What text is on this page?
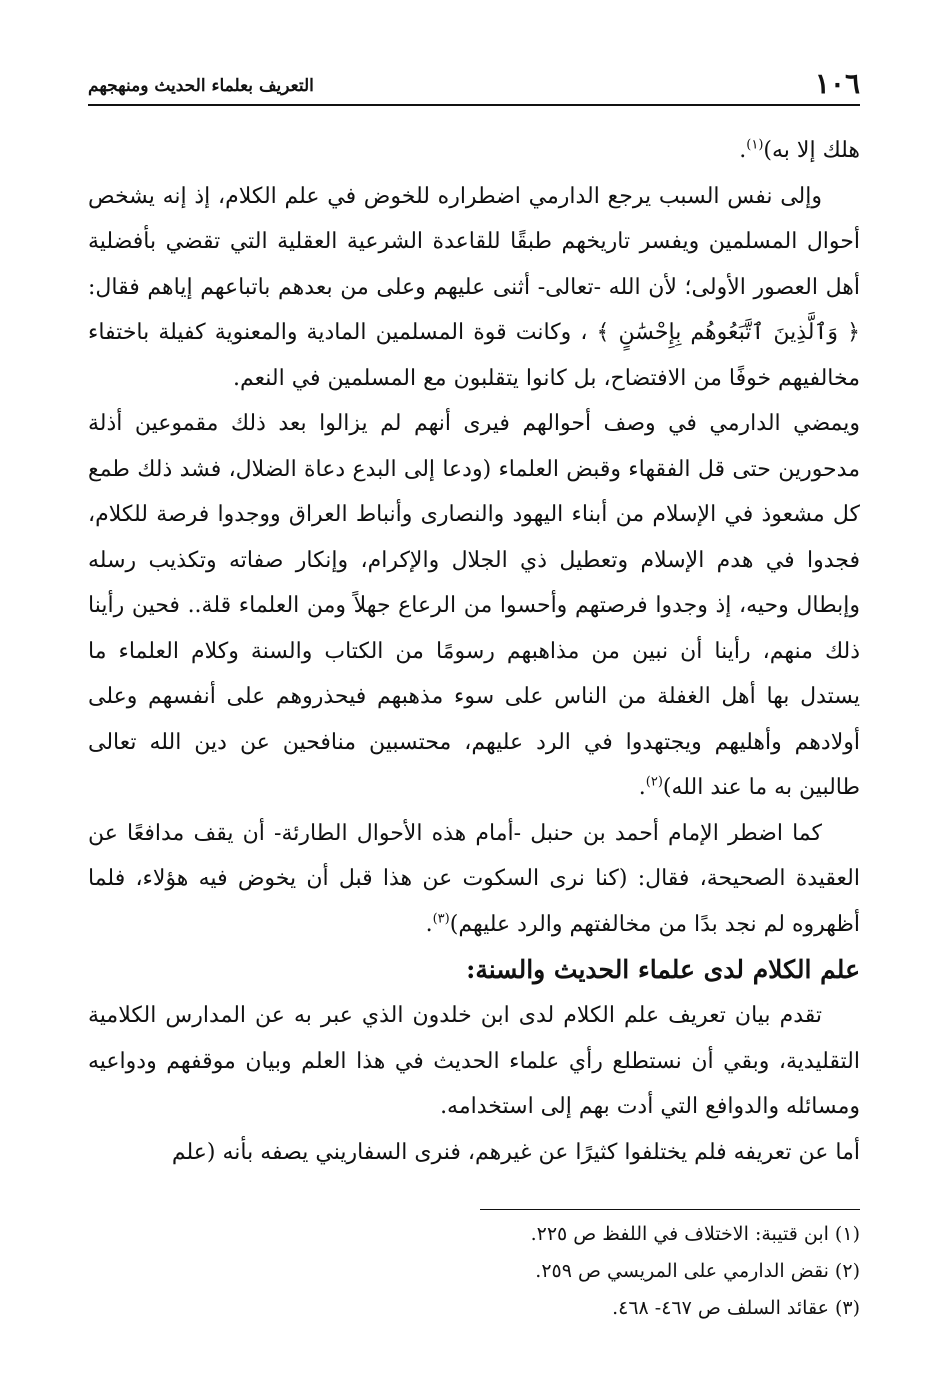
١٠٦
التعريف بعلماء الحديث ومنهجهم

هلك إلا به)$^{(١)}$.

وإلى نفس السبب يرجع الدارمي اضطراره للخوض في علم الكلام، إذ إنه يشخص أحوال المسلمين ويفسر تاريخهم طبقًا للقاعدة الشرعية العقلية التي تقضي بأفضلية أهل العصور الأولى؛ لأن الله -تعالى- أثنى عليهم وعلى من بعدهم باتباعهم إياهم فقال: ﴿ وَٱلَّذِينَ ٱتَّبَعُوهُم بِإِحْسَٰنٍ ﴾ ، وكانت قوة المسلمين المادية والمعنوية كفيلة باختفاء مخالفيهم خوفًا من الافتضاح، بل كانوا يتقلبون مع المسلمين في النعم.

ويمضي الدارمي في وصف أحوالهم فيرى أنهم لم يزالوا بعد ذلك مقموعين أذلة مدحورين حتى قل الفقهاء وقبض العلماء (ودعا إلى البدع دعاة الضلال، فشد ذلك طمع كل مشعوذ في الإسلام من أبناء اليهود والنصارى وأنباط العراق ووجدوا فرصة للكلام، فجدوا في هدم الإسلام وتعطيل ذي الجلال والإكرام، وإنكار صفاته وتكذيب رسله وإبطال وحيه، إذ وجدوا فرصتهم وأحسوا من الرعاع جهلاً ومن العلماء قلة.. فحين رأينا ذلك منهم، رأينا أن نبين من مذاهبهم رسومًا من الكتاب والسنة وكلام العلماء ما يستدل بها أهل الغفلة من الناس على سوء مذهبهم فيحذروهم على أنفسهم وعلى أولادهم وأهليهم ويجتهدوا في الرد عليهم، محتسبين منافحين عن دين الله تعالى طالبين به ما عند الله)$^{(٢)}$.

كما اضطر الإمام أحمد بن حنبل -أمام هذه الأحوال الطارئة- أن يقف مدافعًا عن العقيدة الصحيحة، فقال: (كنا نرى السكوت عن هذا قبل أن يخوض فيه هؤلاء، فلما أظهروه لم نجد بدًا من مخالفتهم والرد عليهم)$^{(٣)}$.

علم الكلام لدى علماء الحديث والسنة:

تقدم بيان تعريف علم الكلام لدى ابن خلدون الذي عبر به عن المدارس الكلامية التقليدية، وبقي أن نستطلع رأي علماء الحديث في هذا العلم وبيان موقفهم ودواعيه ومسائله والدوافع التي أدت بهم إلى استخدامه.

أما عن تعريفه فلم يختلفوا كثيرًا عن غيرهم، فنرى السفاريني يصفه بأنه (علم

(١) ابن قتيبة: الاختلاف في اللفظ ص ٢٢٥.

(٢) نقض الدارمي على المريسي ص ٢٥٩.

(٣) عقائد السلف ص ٤٦٧- ٤٦٨.
